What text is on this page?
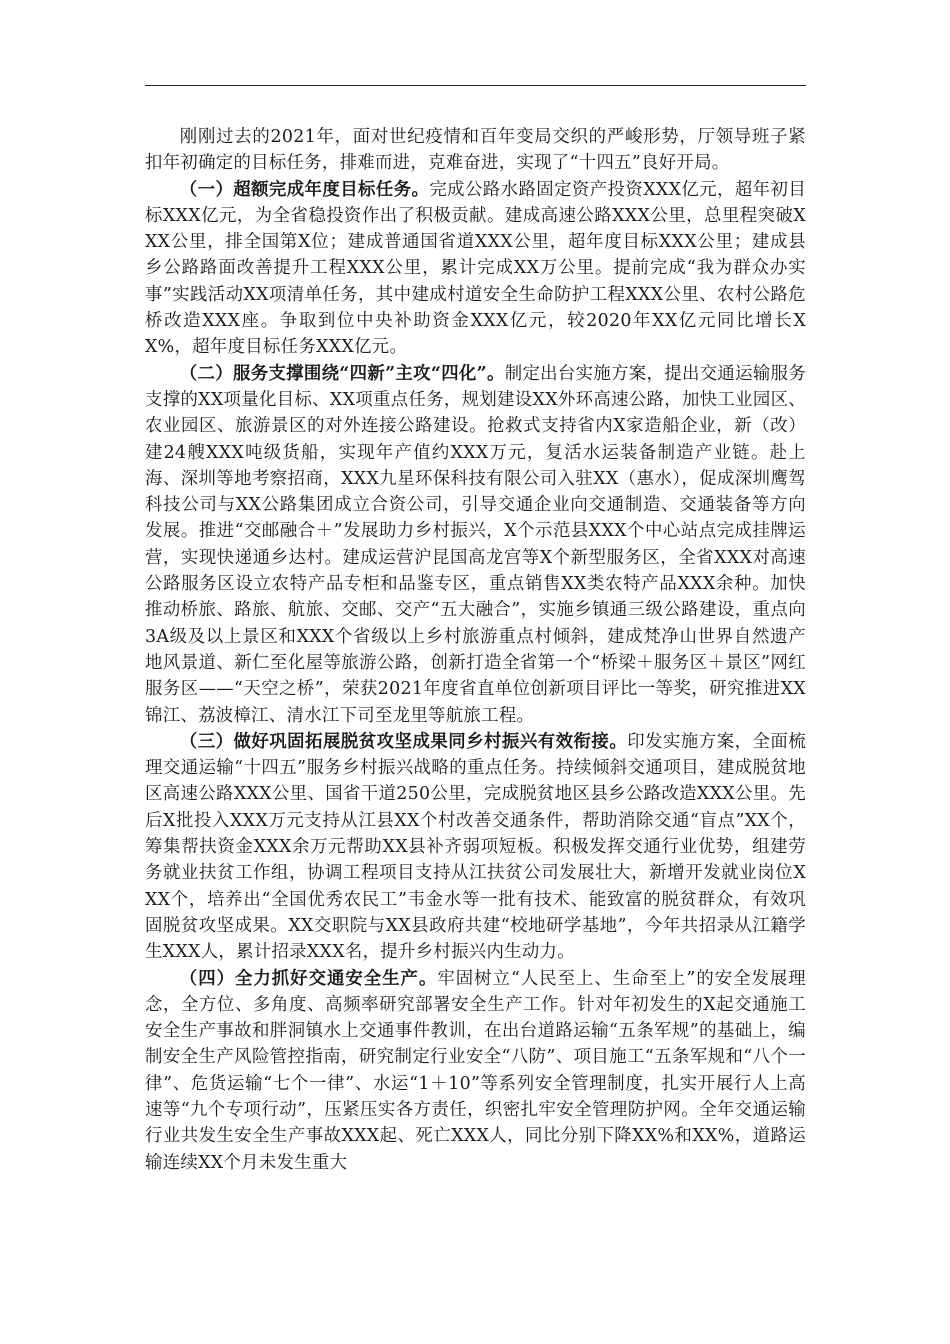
刚刚过去的2021年，面对世纪疫情和百年变局交织的严峻形势，厅领导班子紧扣年初确定的目标任务，排难而进，克难奋进，实现了“十四五”良好开局。

（一）超额完成年度目标任务。完成公路水路固定资产投资XXX亿元，超年初目标XXX亿元，为全省稳投资作出了积极贡献。建成高速公路XXX公里，总里程突破XXX公里，排全国第X位；建成普通国省道XXX公里，超年度目标XXX公里；建成县乡公路路面改善提升工程XXX公里，累计完成XX万公里。提前完成“我为群众办实事”实践活动XX项清单任务，其中建成村道安全生命防护工程XXX公里、农村公路危桥改造XXX座。争取到位中央补助资金XXX亿元，较2020年XX亿元同比增长XX%，超年度目标任务XXX亿元。

（二）服务支撑围绕“四新”主攻“四化”。制定出台实施方案，提出交通运输服务支撑的XX项量化目标、XX项重点任务，规划建设XX外环高速公路，加快工业园区、农业园区、旅游景区的对外连接公路建设。抢救式支持省内X家造船企业，新（改）建24艘XXX吨级货船，实现年产值约XXX万元，复活水运装备制造产业链。赴上海、深圳等地考察招商，XXX九星环保科技有限公司入驻XX（惠水），促成深圳鹰驾科技公司与XX公路集团成立合资公司，引导交通企业向交通制造、交通装备等方向发展。推进“交邮融合＋”发展助力乡村振兴，X个示范县XXX个中心站点完成挂牌运营，实现快递通乡达村。建成运营沪昆国高龙宫等X个新型服务区，全省XXX对高速公路服务区设立农特产品专柜和品鉴专区，重点销售XX类农特产品XXX余种。加快推动桥旅、路旅、航旅、交邮、交产“五大融合”，实施乡镇通三级公路建设，重点向3A级及以上景区和XXX个省级以上乡村旅游重点村倾斜，建成梵净山世界自然遗产地风景道、新仁至化屋等旅游公路，创新打造全省第一个“桥梁＋服务区＋景区”网红服务区——“天空之桥”，荣获2021年度省直单位创新项目评比一等奖，研究推进XX锦江、荔波樟江、清水江下司至龙里等航旅工程。

（三）做好巩固拓展脱贫攻坚成果同乡村振兴有效衔接。印发实施方案，全面梳理交通运输“十四五”服务乡村振兴战略的重点任务。持续倾斜交通项目，建成脱贫地区高速公路XXX公里、国省干道250公里，完成脱贫地区县乡公路改造XXX公里。先后X批投入XXX万元支持从江县XX个村改善交通条件，帮助消除交通“盲点”XX个，筹集帮扶资金XXX余万元帮助XX县补齐弱项短板。积极发挥交通行业优势，组建劳务就业扶贫工作组，协调工程项目支持从江扶贫公司发展壮大，新增开发就业岗位XXX个，培养出“全国优秀农民工”韦金水等一批有技术、能致富的脱贫群众，有效巩固脱贫攻坚成果。XX交职院与XX县政府共建“校地研学基地”，今年共招录从江籍学生XXX人，累计招录XXX名，提升乡村振兴内生动力。

（四）全力抓好交通安全生产。牢固树立“人民至上、生命至上”的安全发展理念，全方位、多角度、高频率研究部署安全生产工作。针对年初发生的X起交通施工安全生产事故和胖洞镇水上交通事件教训，在出台道路运输“五条军规”的基础上，编制安全生产风险管控指南，研究制定行业安全“八防”、项目施工“五条军规和“八个一律”、危货运输“七个一律”、水运“1＋10”等系列安全管理制度，扎实开展行人上高速等“九个专项行动”，压紧压实各方责任，织密扎牢安全管理防护网。全年交通运输行业共发生安全生产事故XXX起、死亡XXX人，同比分别下降XX%和XX%，道路运输连续XX个月未发生重大
